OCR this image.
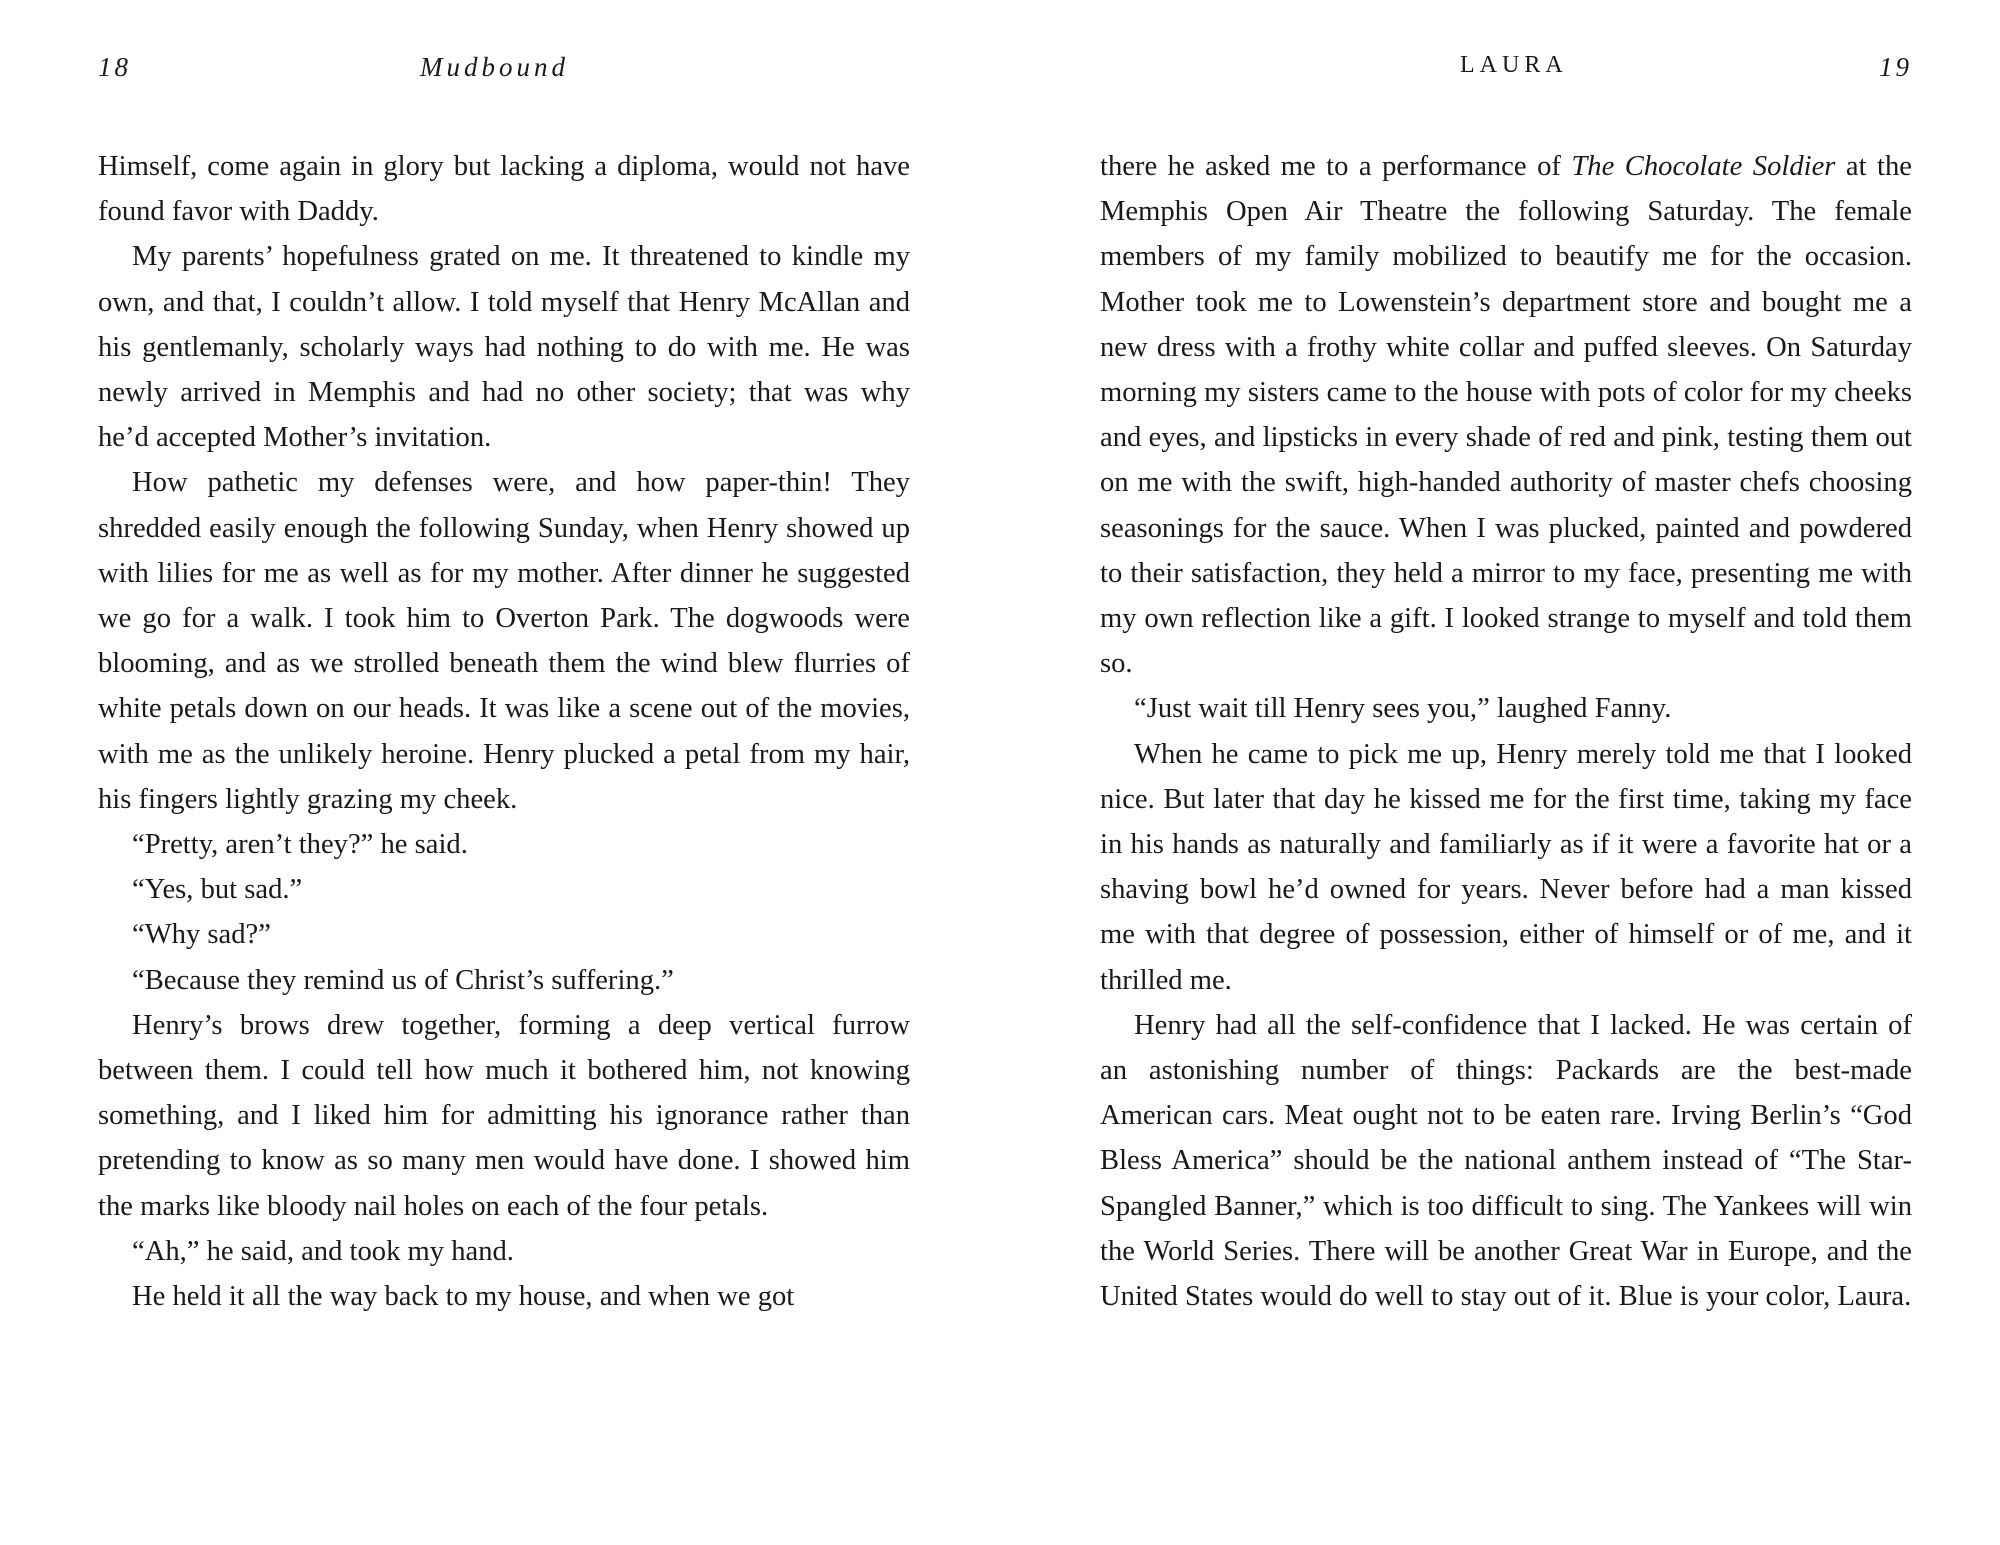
18	Mudbound

Himself, come again in glory but lacking a diploma, would not have found favor with Daddy.

My parents’ hopefulness grated on me. It threatened to kindle my own, and that, I couldn’t allow. I told myself that Henry McAllan and his gentlemanly, scholarly ways had nothing to do with me. He was newly arrived in Memphis and had no other society; that was why he’d accepted Mother’s invitation.

How pathetic my defenses were, and how paper-thin! They shredded easily enough the following Sunday, when Henry showed up with lilies for me as well as for my mother. After dinner he suggested we go for a walk. I took him to Overton Park. The dogwoods were blooming, and as we strolled beneath them the wind blew flurries of white petals down on our heads. It was like a scene out of the movies, with me as the unlikely heroine. Henry plucked a petal from my hair, his fingers lightly grazing my cheek.

“Pretty, aren’t they?” he said.

“Yes, but sad.”

“Why sad?”

“Because they remind us of Christ’s suffering.”

Henry’s brows drew together, forming a deep vertical furrow between them. I could tell how much it bothered him, not knowing something, and I liked him for admitting his ignorance rather than pretending to know as so many men would have done. I showed him the marks like bloody nail holes on each of the four petals.

“Ah,” he said, and took my hand.

He held it all the way back to my house, and when we got

LAURA	19

there he asked me to a performance of The Chocolate Soldier at the Memphis Open Air Theatre the following Saturday. The female members of my family mobilized to beautify me for the occasion. Mother took me to Lowenstein’s department store and bought me a new dress with a frothy white collar and puffed sleeves. On Saturday morning my sisters came to the house with pots of color for my cheeks and eyes, and lipsticks in every shade of red and pink, testing them out on me with the swift, high-handed authority of master chefs choosing seasonings for the sauce. When I was plucked, painted and powdered to their satisfaction, they held a mirror to my face, presenting me with my own reflection like a gift. I looked strange to myself and told them so.

“Just wait till Henry sees you,” laughed Fanny.

When he came to pick me up, Henry merely told me that I looked nice. But later that day he kissed me for the first time, taking my face in his hands as naturally and familiarly as if it were a favorite hat or a shaving bowl he’d owned for years. Never before had a man kissed me with that degree of possession, either of himself or of me, and it thrilled me.

Henry had all the self-confidence that I lacked. He was certain of an astonishing number of things: Packards are the best-made American cars. Meat ought not to be eaten rare. Irving Berlin’s “God Bless America” should be the national anthem instead of “The Star-Spangled Banner,” which is too difficult to sing. The Yankees will win the World Series. There will be another Great War in Europe, and the United States would do well to stay out of it. Blue is your color, Laura.
